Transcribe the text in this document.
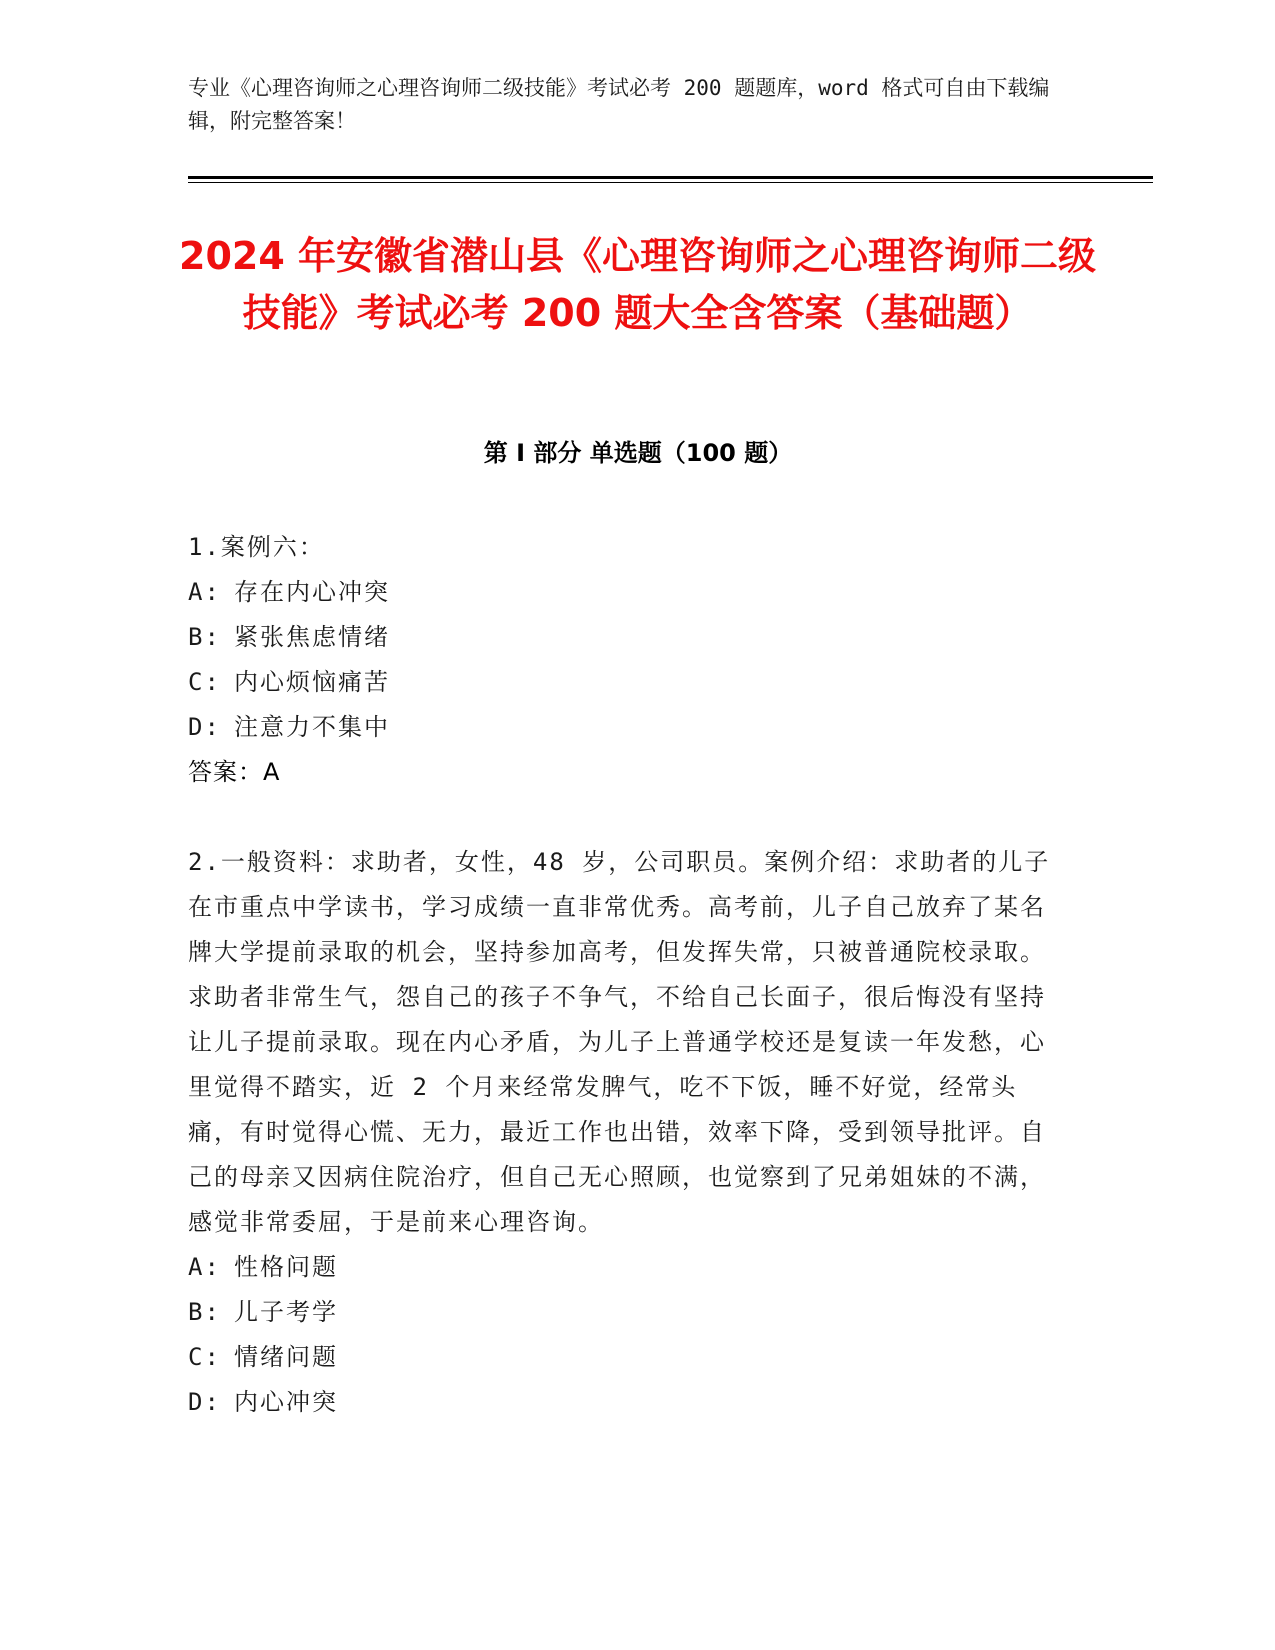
专业《心理咨询师之心理咨询师二级技能》考试必考 200 题题库，word 格式可自由下载编辑，附完整答案！

2024 年安徽省潜山县《心理咨询师之心理咨询师二级技能》考试必考 200 题大全含答案（基础题）
第 I 部分 单选题（100 题）

1.案例六：

A: 存在内心冲突

B: 紧张焦虑情绪

C: 内心烦恼痛苦

D: 注意力不集中

答案：A

2.一般资料：求助者，女性，48 岁，公司职员。案例介绍：求助者的儿子在市重点中学读书，学习成绩一直非常优秀。高考前，儿子自己放弃了某名牌大学提前录取的机会，坚持参加高考，但发挥失常，只被普通院校录取。求助者非常生气，怨自己的孩子不争气，不给自己长面子，很后悔没有坚持让儿子提前录取。现在内心矛盾，为儿子上普通学校还是复读一年发愁，心里觉得不踏实，近 2 个月来经常发脾气，吃不下饭，睡不好觉，经常头痛，有时觉得心慌、无力，最近工作也出错，效率下降，受到领导批评。自己的母亲又因病住院治疗，但自己无心照顾，也觉察到了兄弟姐妹的不满，感觉非常委屈，于是前来心理咨询。

A: 性格问题

B: 儿子考学

C: 情绪问题

D: 内心冲突
